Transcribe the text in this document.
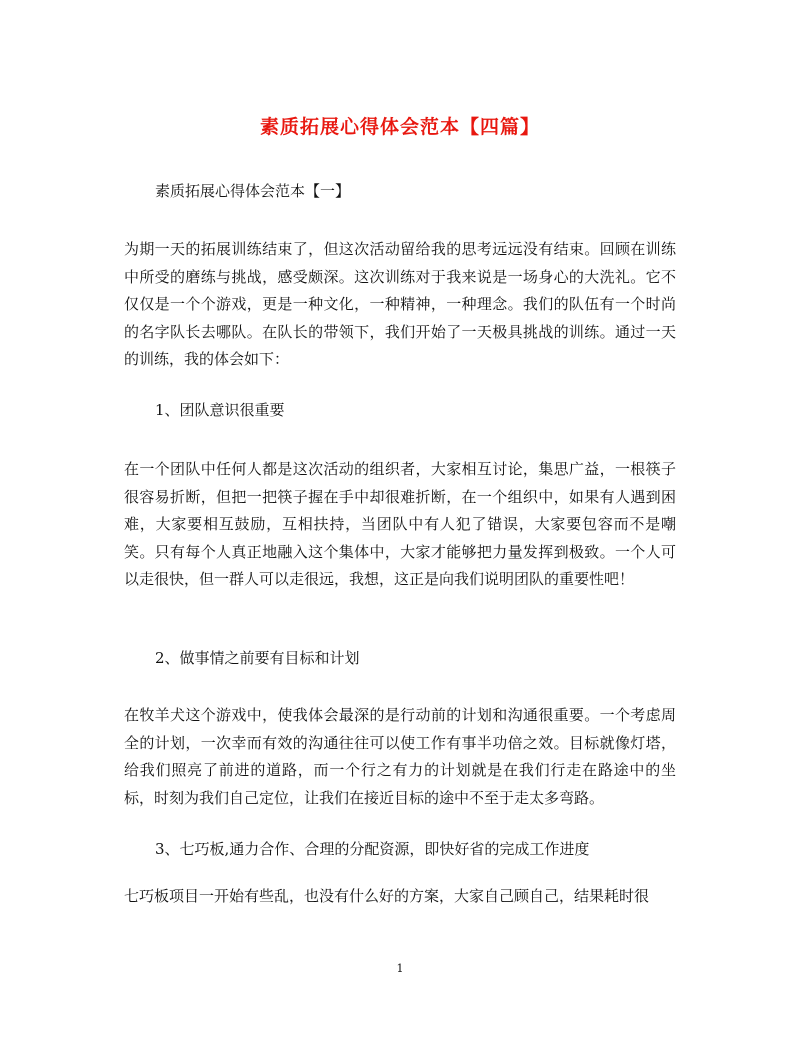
素质拓展心得体会范本【四篇】
素质拓展心得体会范本【一】

为期一天的拓展训练结束了，但这次活动留给我的思考远远没有结束。回顾在训练中所受的磨练与挑战，感受颇深。这次训练对于我来说是一场身心的大洗礼。它不仅仅是一个个游戏，更是一种文化，一种精神，一种理念。我们的队伍有一个时尚的名字队长去哪队。在队长的带领下，我们开始了一天极具挑战的训练。通过一天的训练，我的体会如下：

1、团队意识很重要

在一个团队中任何人都是这次活动的组织者，大家相互讨论，集思广益，一根筷子很容易折断，但把一把筷子握在手中却很难折断，在一个组织中，如果有人遇到困难，大家要相互鼓励，互相扶持，当团队中有人犯了错误，大家要包容而不是嘲笑。只有每个人真正地融入这个集体中，大家才能够把力量发挥到极致。一个人可以走很快，但一群人可以走很远，我想，这正是向我们说明团队的重要性吧！

2、做事情之前要有目标和计划

在牧羊犬这个游戏中，使我体会最深的是行动前的计划和沟通很重要。一个考虑周全的计划，一次幸而有效的沟通往往可以使工作有事半功倍之效。目标就像灯塔，给我们照亮了前进的道路，而一个行之有力的计划就是在我们行走在路途中的坐标，时刻为我们自己定位，让我们在接近目标的途中不至于走太多弯路。

3、七巧板,通力合作、合理的分配资源，即快好省的完成工作进度

七巧板项目一开始有些乱，也没有什么好的方案，大家自己顾自己，结果耗时很

1
